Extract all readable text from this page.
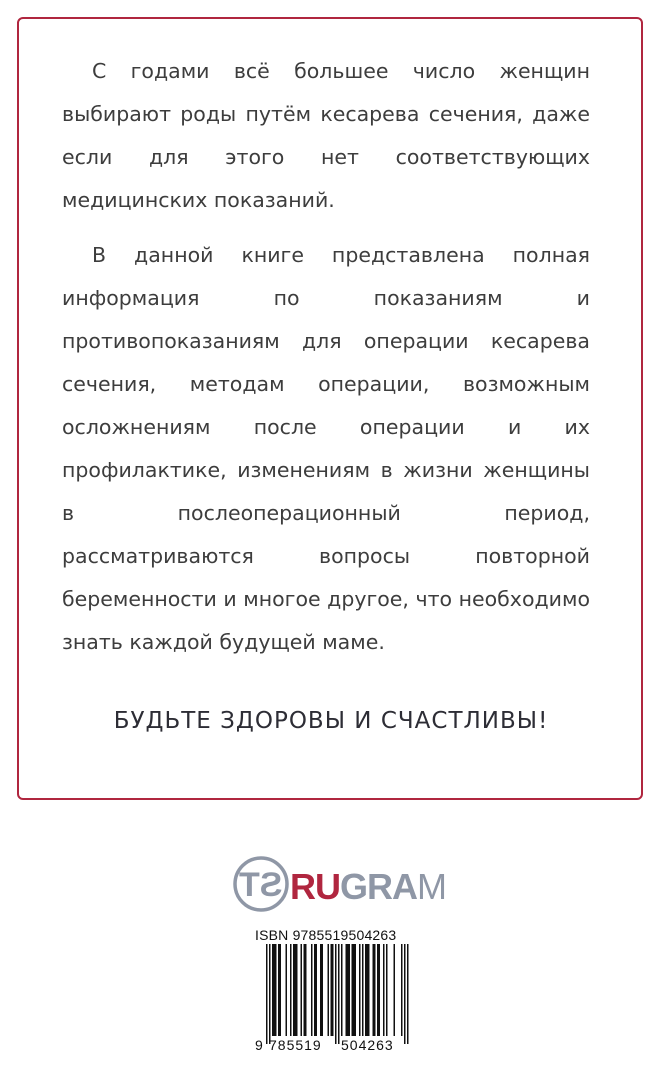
С годами всё большее число женщин выбирают роды путём кесарева сечения, даже если для этого нет соответствующих медицинских показаний.

В данной книге представлена полная информация по показаниям и противопоказаниям для операции кесарева сечения, методам операции, возможным осложнениям после операции и их профилактике, изменениям в жизни женщины в послеоперационный период, рассматриваются вопросы повторной беременности и многое другое, что необходимо знать каждой будущей маме.

БУДЬТЕ ЗДОРОВЫ И СЧАСТЛИВЫ!
TƧ RUGRAM
ISBN 9785519504263
9 785519 504263
